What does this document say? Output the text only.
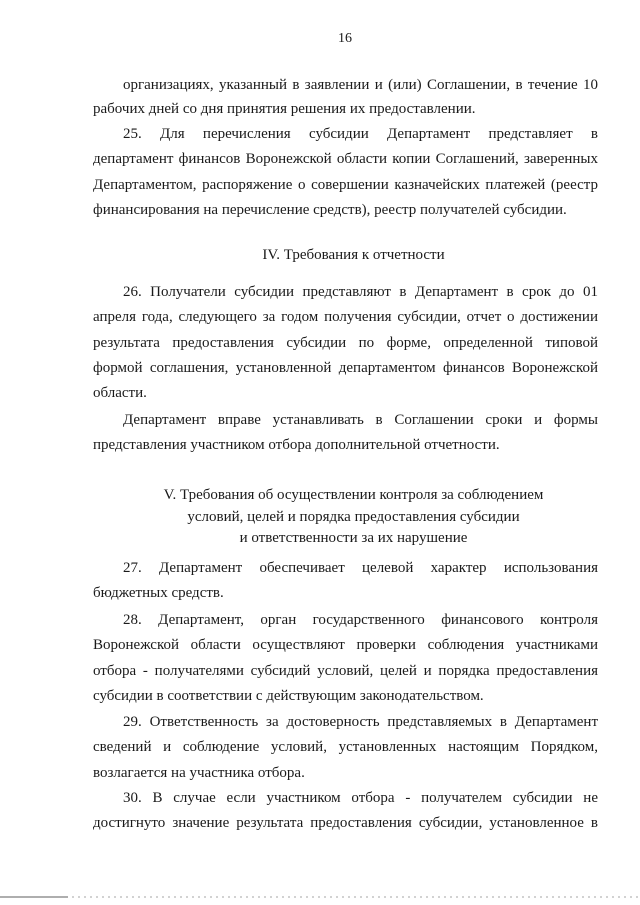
16
организациях, указанный в заявлении и (или) Соглашении, в течение 10
рабочих дней со дня принятия решения их предоставлении.
25. Для перечисления субсидии Департамент представляет в
департамент финансов Воронежской области копии Соглашений, заверенных
Департаментом, распоряжение о совершении казначейских платежей (реестр
финансирования на перечисление средств), реестр получателей субсидии.
IV. Требования к отчетности
26. Получатели субсидии представляют в Департамент в срок до 01
апреля года, следующего за годом получения субсидии, отчет о достижении
результата предоставления субсидии по форме, определенной типовой
формой соглашения, установленной департаментом финансов Воронежской
области.
Департамент вправе устанавливать в Соглашении сроки и формы
представления участником отбора дополнительной отчетности.
V. Требования об осуществлении контроля за соблюдением
условий, целей и порядка предоставления субсидии
и ответственности за их нарушение
27. Департамент обеспечивает целевой характер использования
бюджетных средств.
28. Департамент, орган государственного финансового контроля
Воронежской области осуществляют проверки соблюдения участниками
отбора - получателями субсидий условий, целей и порядка предоставления
субсидии в соответствии с действующим законодательством.
29. Ответственность за достоверность представляемых в Департамент
сведений и соблюдение условий, установленных настоящим Порядком,
возлагается на участника отбора.
30. В случае если участником отбора - получателем субсидии не
достигнуто значение результата предоставления субсидии, установленное в
